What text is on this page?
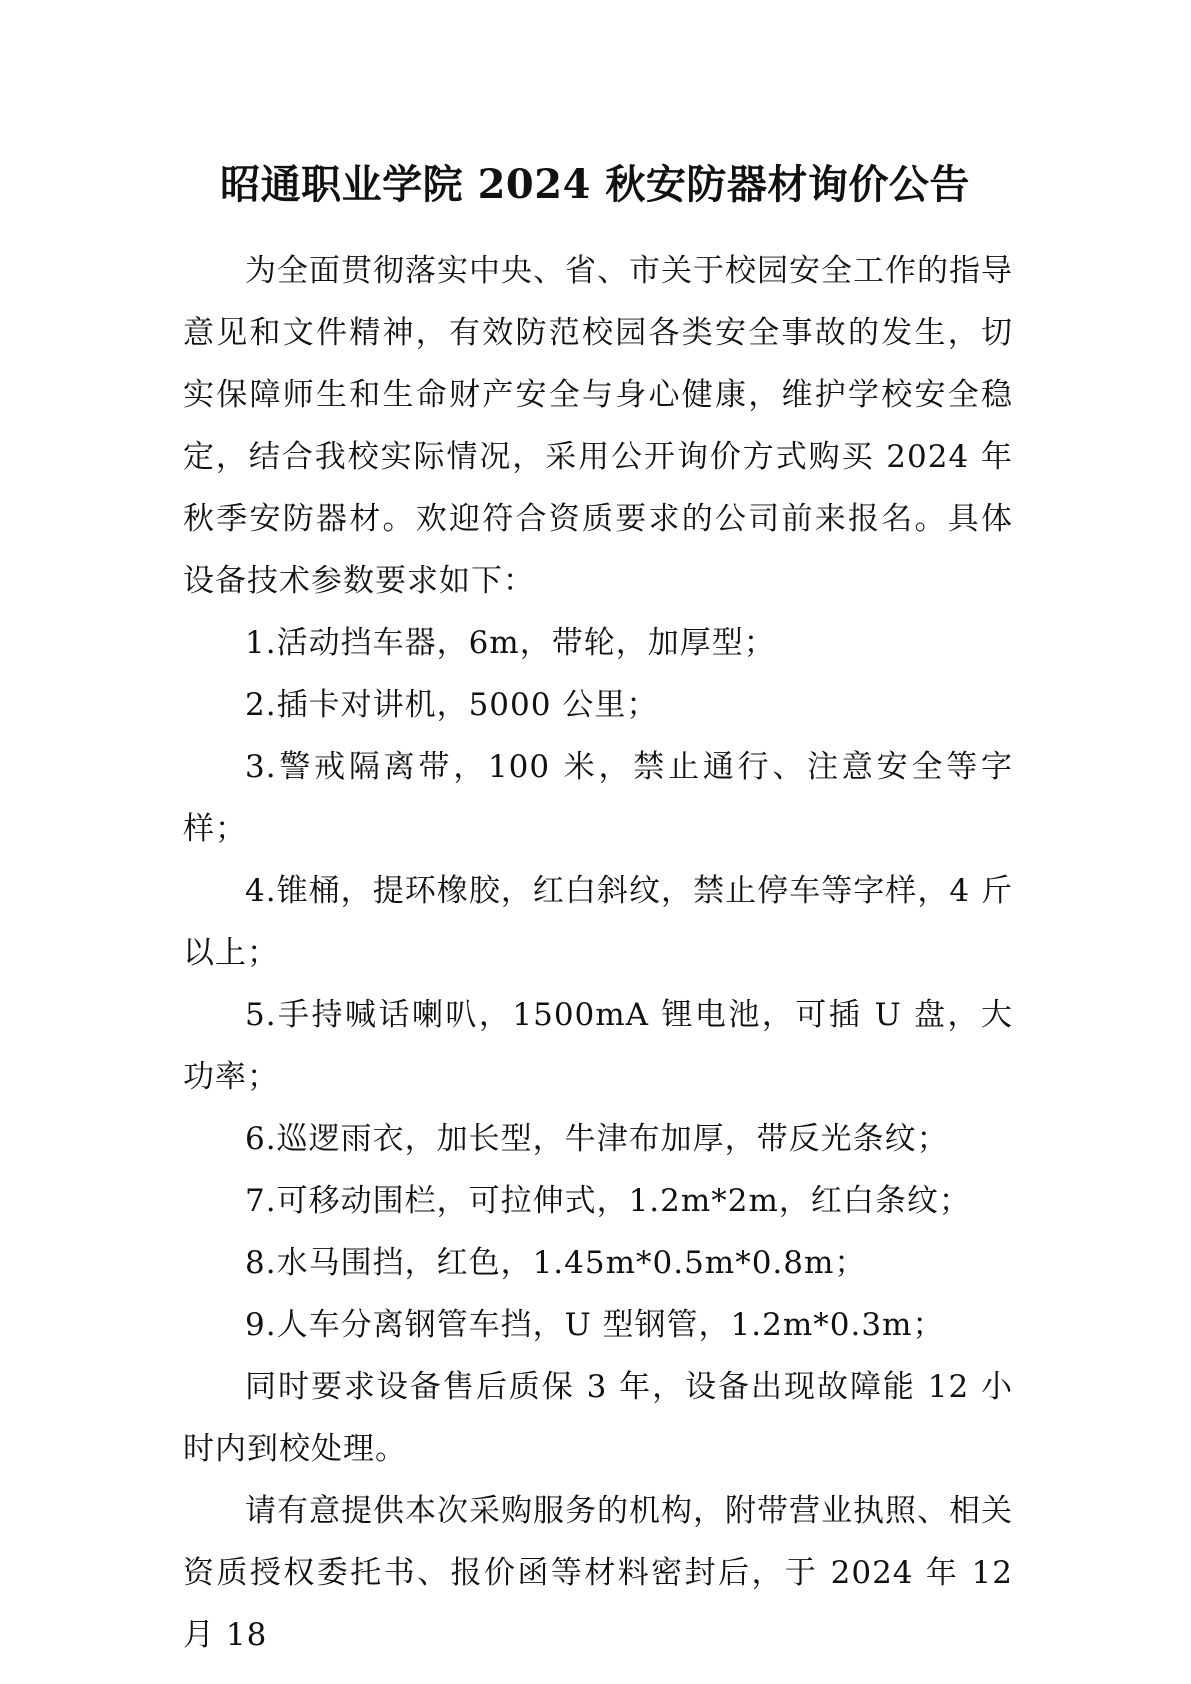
昭通职业学院 2024 秋安防器材询价公告

为全面贯彻落实中央、省、市关于校园安全工作的指导意见和文件精神，有效防范校园各类安全事故的发生，切实保障师生和生命财产安全与身心健康，维护学校安全稳定，结合我校实际情况，采用公开询价方式购买 2024 年秋季安防器材。欢迎符合资质要求的公司前来报名。具体设备技术参数要求如下：

1.活动挡车器，6m，带轮，加厚型；

2.插卡对讲机，5000 公里；

3.警戒隔离带，100 米，禁止通行、注意安全等字样；

4.锥桶，提环橡胶，红白斜纹，禁止停车等字样，4 斤以上；

5.手持喊话喇叭，1500mA 锂电池，可插 U 盘，大功率；

6.巡逻雨衣，加长型，牛津布加厚，带反光条纹；

7.可移动围栏，可拉伸式，1.2m*2m，红白条纹；

8.水马围挡，红色，1.45m*0.5m*0.8m；

9.人车分离钢管车挡，U 型钢管，1.2m*0.3m；

同时要求设备售后质保 3 年，设备出现故障能 12 小时内到校处理。

请有意提供本次采购服务的机构，附带营业执照、相关资质授权委托书、报价函等材料密封后，于 2024 年 12 月 18
